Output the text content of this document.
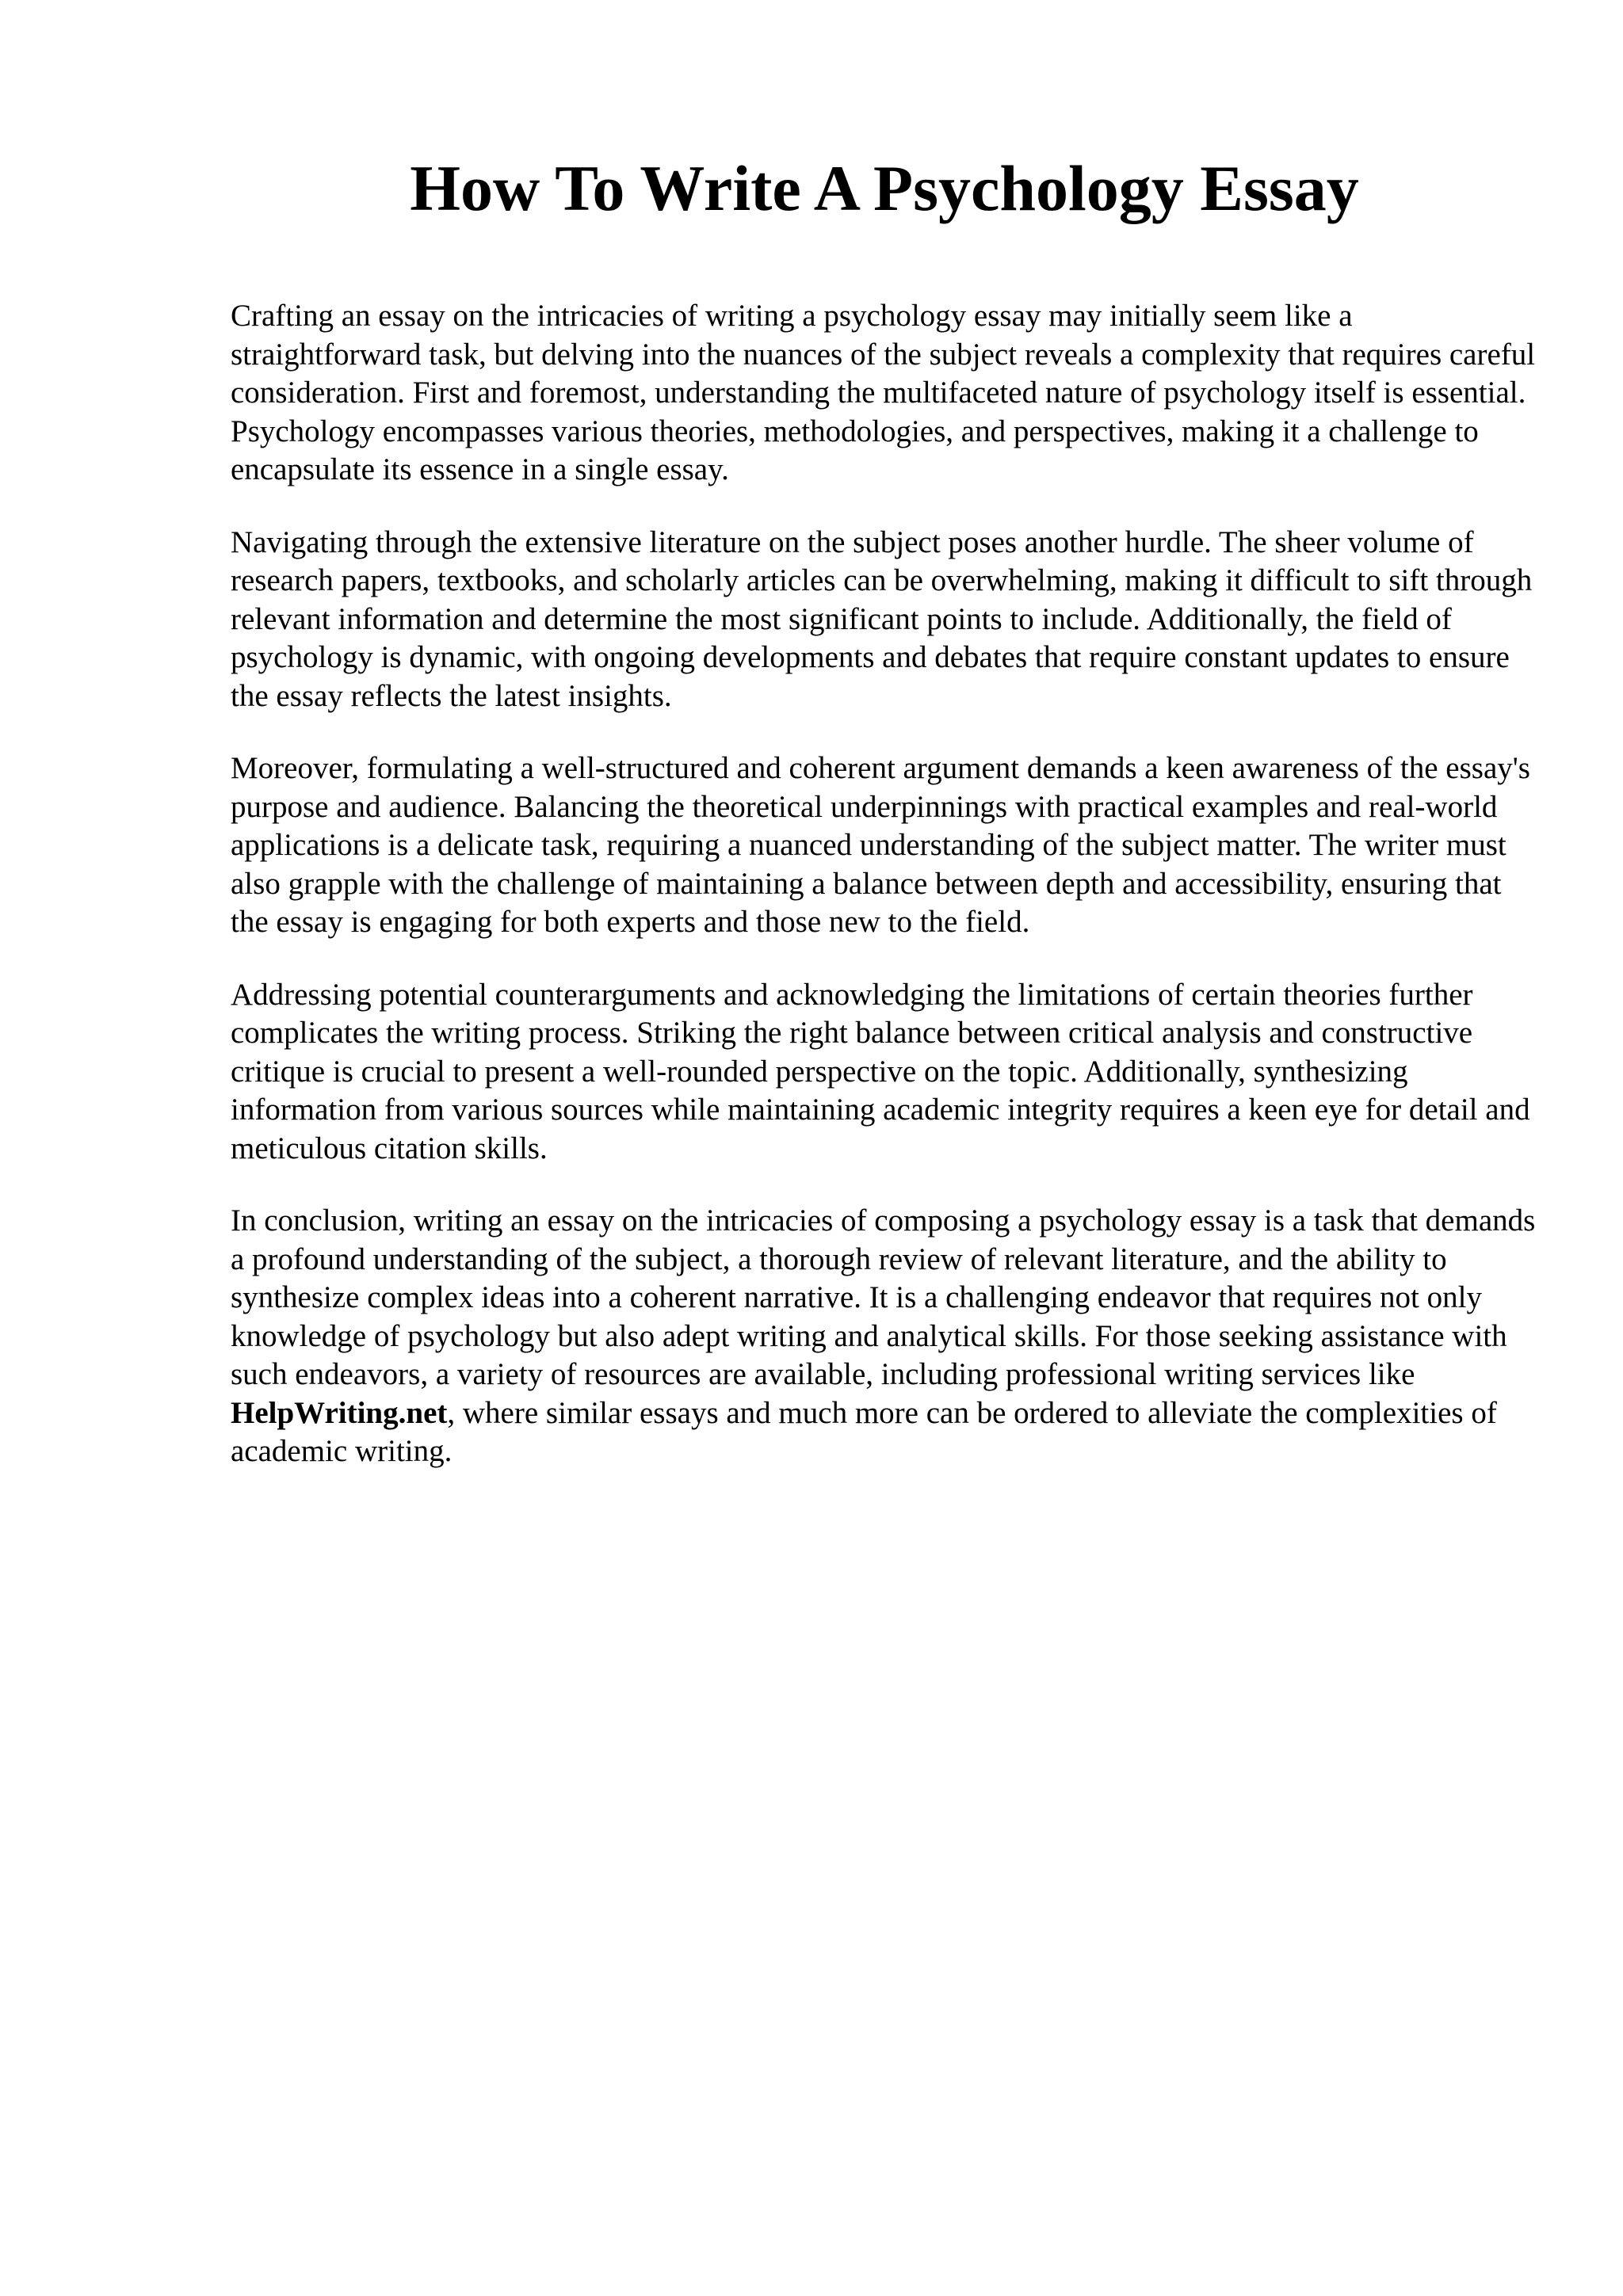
How To Write A Psychology Essay

Crafting an essay on the intricacies of writing a psychology essay may initially seem like a straightforward task, but delving into the nuances of the subject reveals a complexity that requires careful consideration. First and foremost, understanding the multifaceted nature of psychology itself is essential. Psychology encompasses various theories, methodologies, and perspectives, making it a challenge to encapsulate its essence in a single essay.

Navigating through the extensive literature on the subject poses another hurdle. The sheer volume of research papers, textbooks, and scholarly articles can be overwhelming, making it difficult to sift through relevant information and determine the most significant points to include. Additionally, the field of psychology is dynamic, with ongoing developments and debates that require constant updates to ensure the essay reflects the latest insights.

Moreover, formulating a well-structured and coherent argument demands a keen awareness of the essay's purpose and audience. Balancing the theoretical underpinnings with practical examples and real-world applications is a delicate task, requiring a nuanced understanding of the subject matter. The writer must also grapple with the challenge of maintaining a balance between depth and accessibility, ensuring that the essay is engaging for both experts and those new to the field.

Addressing potential counterarguments and acknowledging the limitations of certain theories further complicates the writing process. Striking the right balance between critical analysis and constructive critique is crucial to present a well-rounded perspective on the topic. Additionally, synthesizing information from various sources while maintaining academic integrity requires a keen eye for detail and meticulous citation skills.

In conclusion, writing an essay on the intricacies of composing a psychology essay is a task that demands a profound understanding of the subject, a thorough review of relevant literature, and the ability to synthesize complex ideas into a coherent narrative. It is a challenging endeavor that requires not only knowledge of psychology but also adept writing and analytical skills. For those seeking assistance with such endeavors, a variety of resources are available, including professional writing services like HelpWriting.net, where similar essays and much more can be ordered to alleviate the complexities of academic writing.
